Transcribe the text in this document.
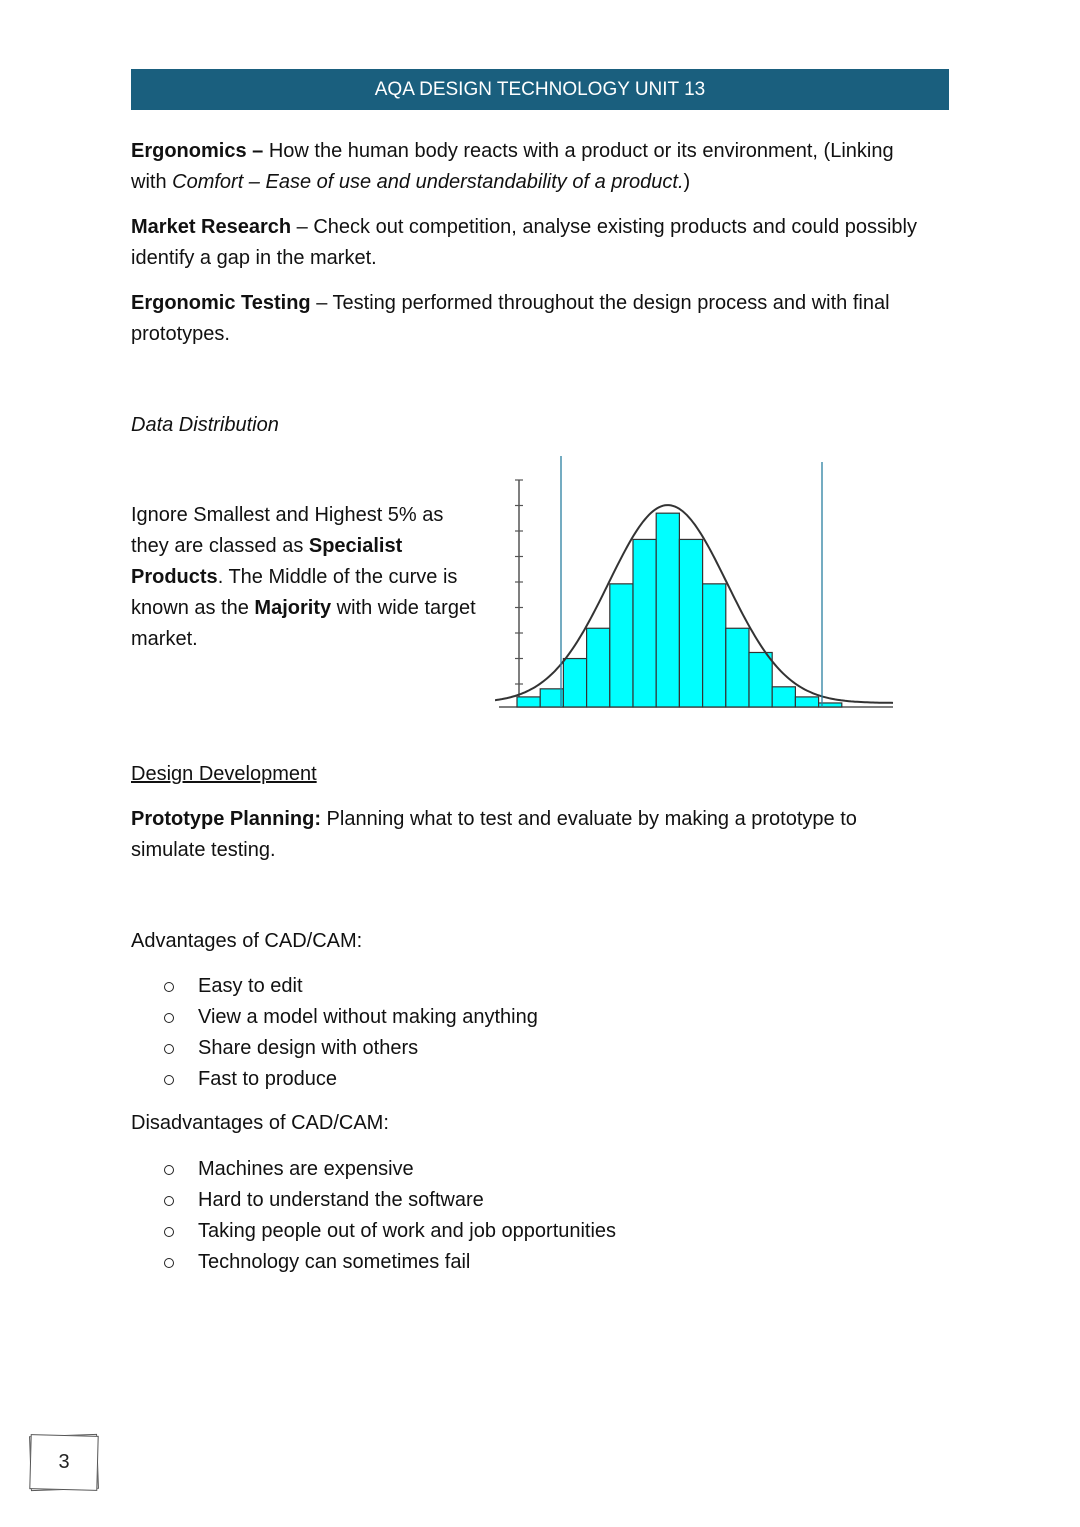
AQA DESIGN TECHNOLOGY UNIT 13

Ergonomics – How the human body reacts with a product or its environment, (Linking with Comfort – Ease of use and understandability of a product.)

Market Research – Check out competition, analyse existing products and could possibly identify a gap in the market.

Ergonomic Testing – Testing performed throughout the design process and with final prototypes.

Data Distribution

Ignore Smallest and Highest 5% as they are classed as Specialist Products. The Middle of the curve is known as the Majority with wide target market.

Design Development

Prototype Planning: Planning what to test and evaluate by making a prototype to simulate testing.

Advantages of CAD/CAM:

Easy to edit
View a model without making anything
Share design with others
Fast to produce

Disadvantages of CAD/CAM:

Machines are expensive
Hard to understand the software
Taking people out of work and job opportunities
Technology can sometimes fail
3
